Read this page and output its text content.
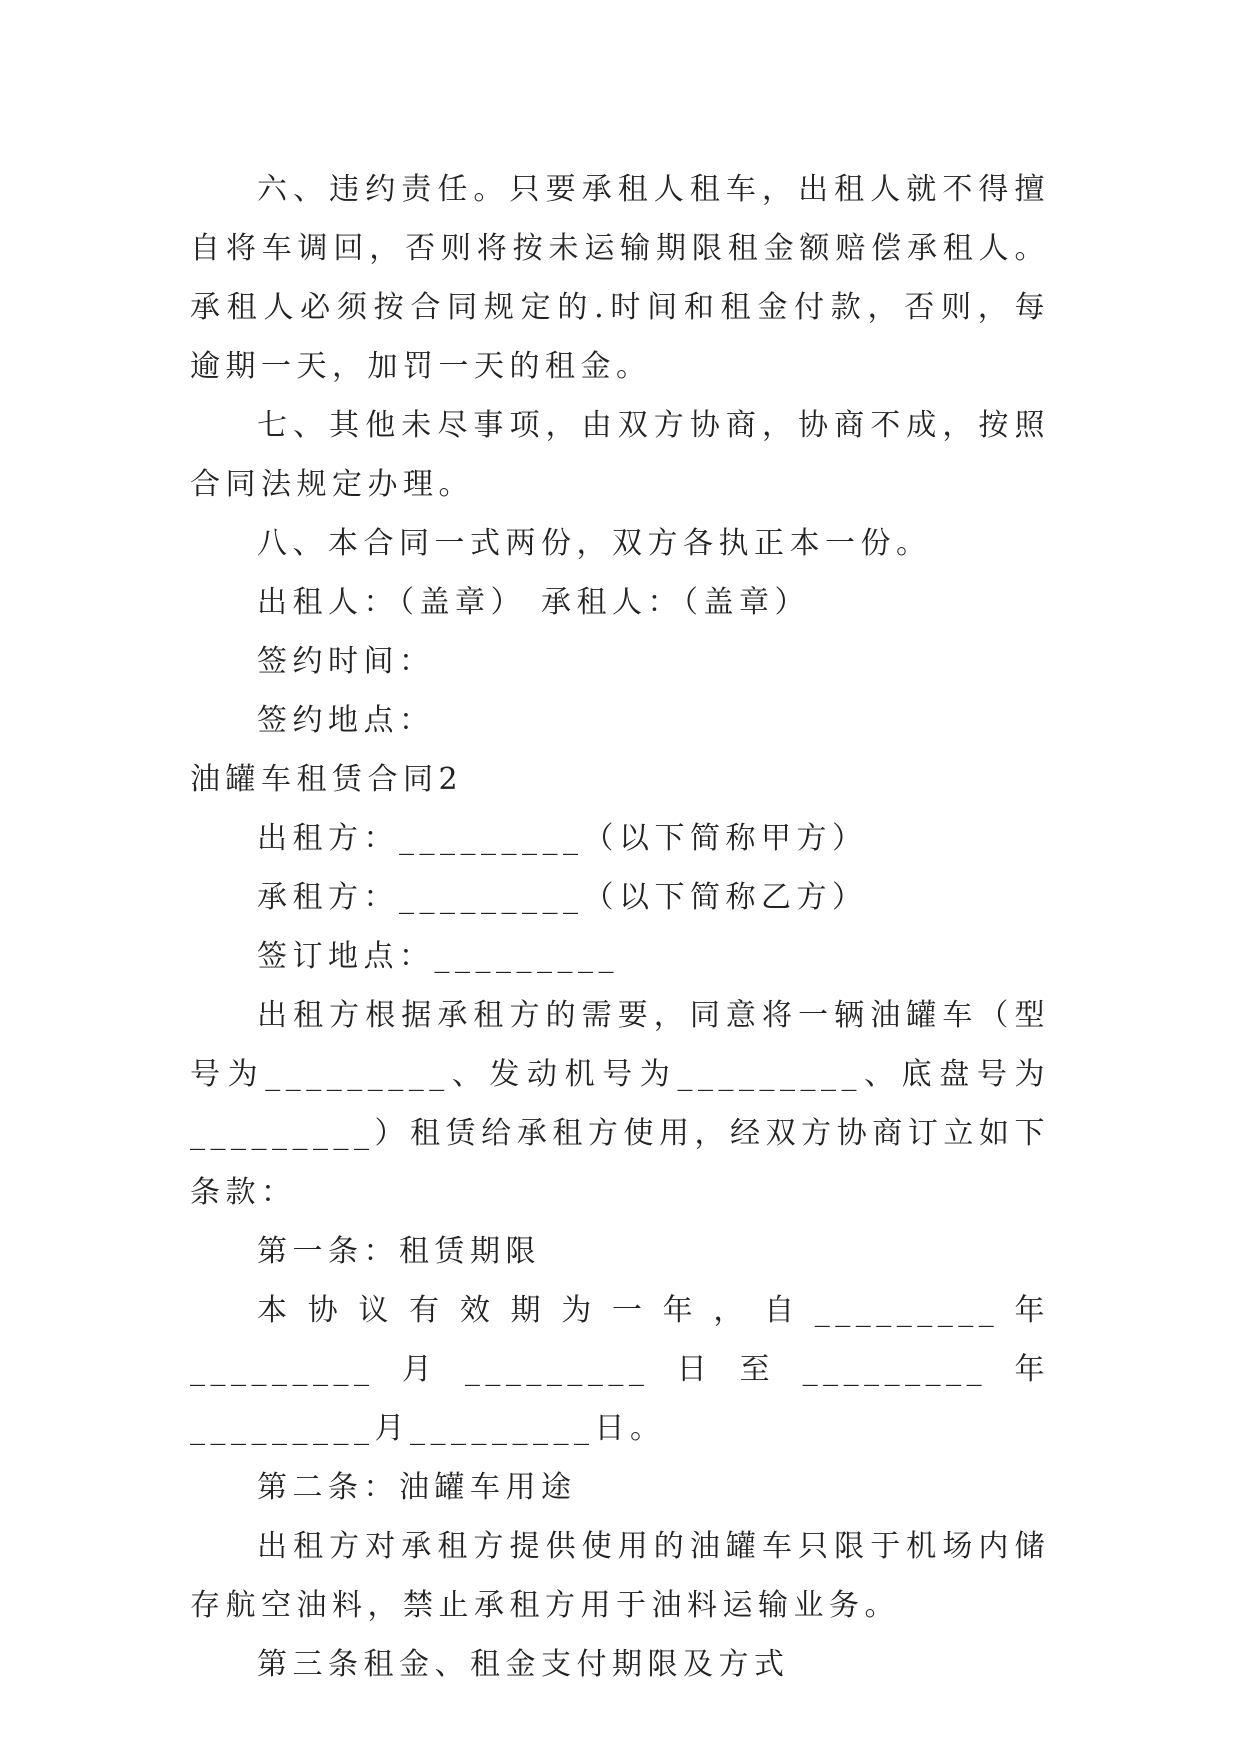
六、违约责任。只要承租人租车，出租人就不得擅自将车调回，否则将按未运输期限租金额赔偿承租人。承租人必须按合同规定的.时间和租金付款，否则，每逾期一天，加罚一天的租金。

七、其他未尽事项，由双方协商，协商不成，按照合同法规定办理。

八、本合同一式两份，双方各执正本一份。

出租人：（盖章） 承租人：（盖章）

签约时间：

签约地点：

油罐车租赁合同2

出租方：_________（以下简称甲方）

承租方：_________（以下简称乙方）

签订地点：_________

出租方根据承租方的需要，同意将一辆油罐车（型号为_________、发动机号为_________、底盘号为_________）租赁给承租方使用，经双方协商订立如下条款：

第一条：租赁期限

本协议有效期为一年，自_________年_________月_________日至_________年_________月_________日。

第二条：油罐车用途

出租方对承租方提供使用的油罐车只限于机场内储存航空油料，禁止承租方用于油料运输业务。

第三条租金、租金支付期限及方式
